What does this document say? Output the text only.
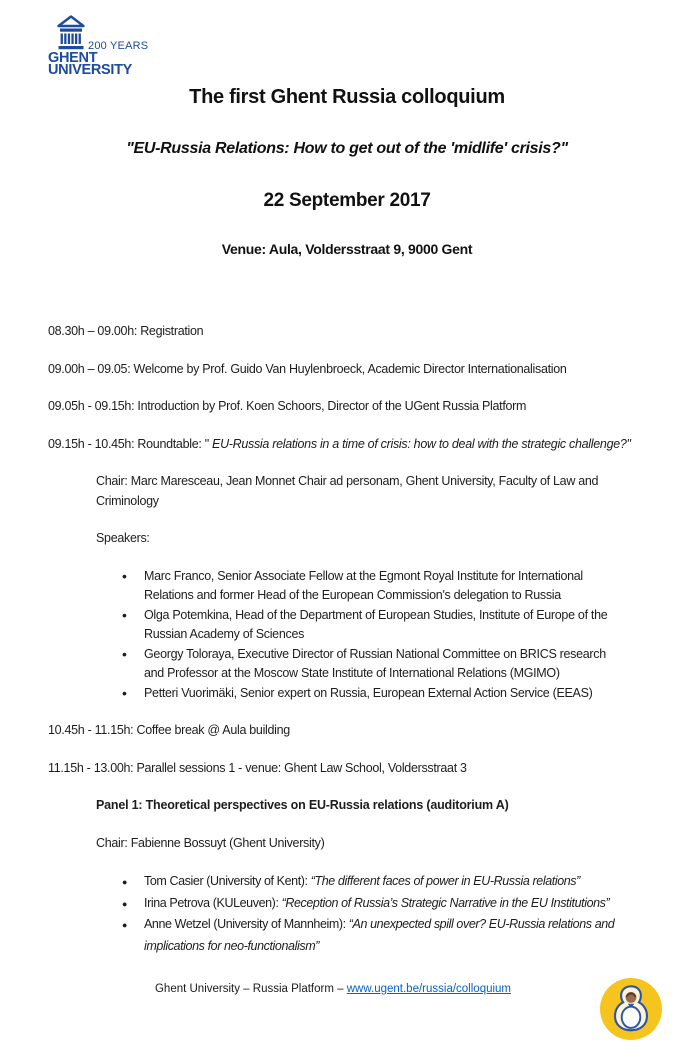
200 YEARS
GHENT
UNIVERSITY
The first Ghent Russia colloquium
"EU-Russia Relations: How to get out of the 'midlife' crisis?"
22 September 2017
Venue: Aula, Voldersstraat 9, 9000 Gent

08.30h – 09.00h: Registration

09.00h – 09.05: Welcome by Prof. Guido Van Huylenbroeck, Academic Director Internationalisation

09.05h - 09.15h: Introduction by Prof. Koen Schoors, Director of the UGent Russia Platform

09.15h - 10.45h: Roundtable: " EU-Russia relations in a time of crisis: how to deal with the strategic challenge?"

Chair: Marc Maresceau, Jean Monnet Chair ad personam, Ghent University, Faculty of Law and Criminology

Speakers:

• Marc Franco, Senior Associate Fellow at the Egmont Royal Institute for International Relations and former Head of the European Commission's delegation to Russia
• Olga Potemkina, Head of the Department of European Studies, Institute of Europe of the Russian Academy of Sciences
• Georgy Toloraya, Executive Director of Russian National Committee on BRICS research and Professor at the Moscow State Institute of International Relations (MGIMO)
• Petteri Vuorimäki, Senior expert on Russia, European External Action Service (EEAS)

10.45h - 11.15h: Coffee break @ Aula building

11.15h - 13.00h: Parallel sessions 1 - venue: Ghent Law School, Voldersstraat 3

Panel 1: Theoretical perspectives on EU-Russia relations (auditorium A)

Chair: Fabienne Bossuyt (Ghent University)

● Tom Casier (University of Kent): “The different faces of power in EU-Russia relations”
● Irina Petrova (KULeuven): “Reception of Russia’s Strategic Narrative in the EU Institutions”
● Anne Wetzel (University of Mannheim): “An unexpected spill over? EU-Russia relations and implications for neo-functionalism”
Ghent University – Russia Platform – www.ugent.be/russia/colloquium
